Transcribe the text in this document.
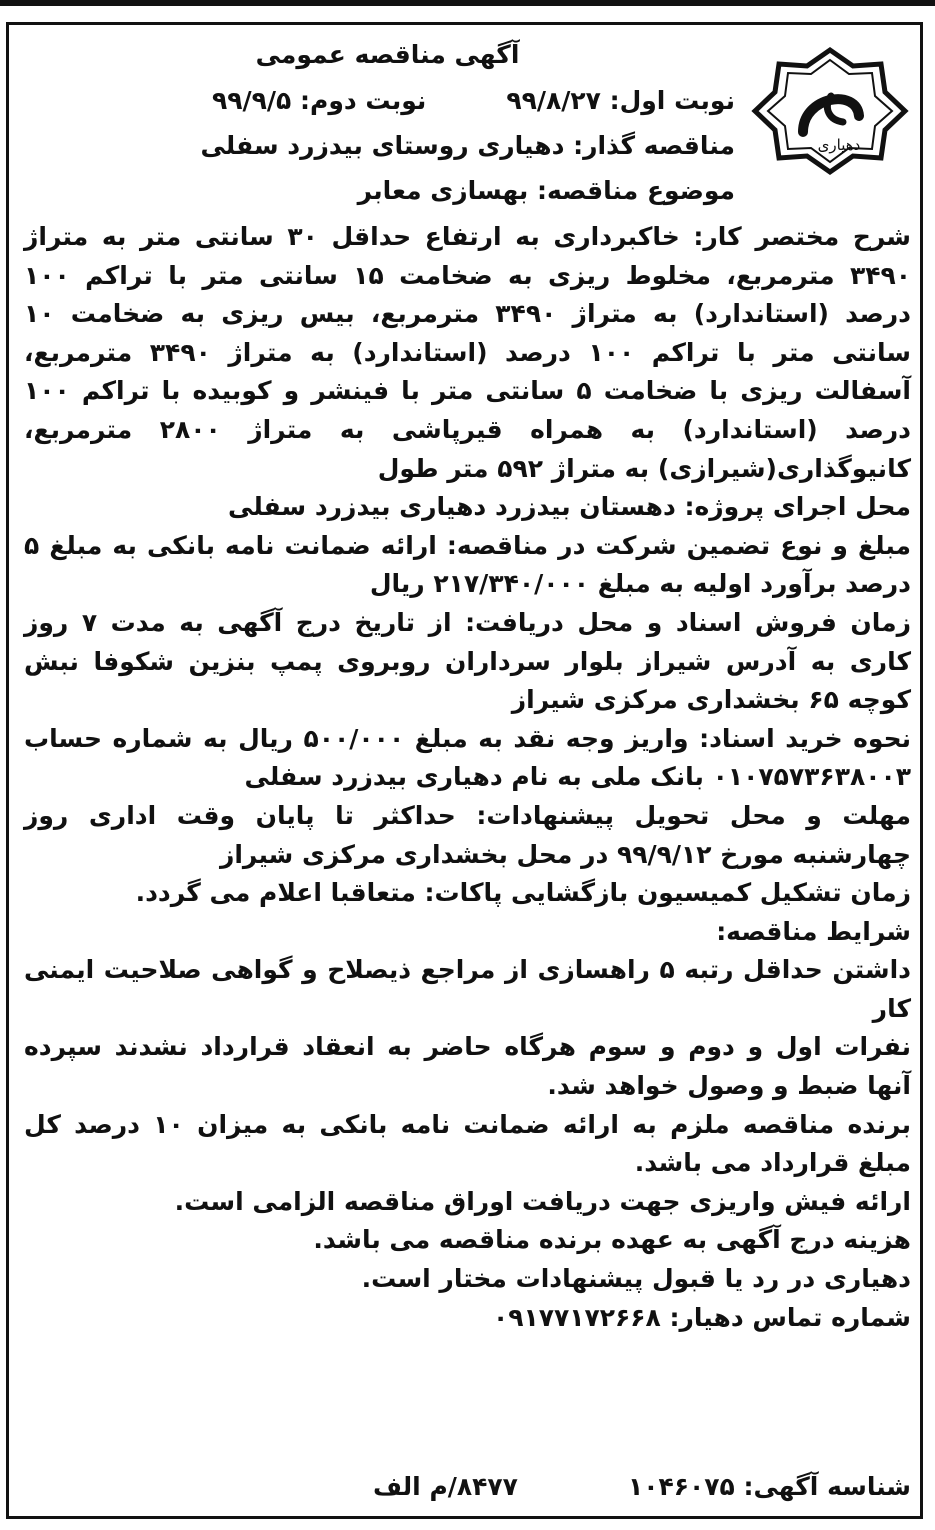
دهیاری
آگهی مناقصه عمومی
نوبت اول: ۹۹/۸/۲۷نوبت دوم: ۹۹/۹/۵
مناقصه گذار: دهیاری روستای بیدزرد سفلی
موضوع مناقصه: بهسازی معابر

شرح مختصر کار: خاکبرداری به ارتفاع حداقل ۳۰ سانتی متر به متراژ ۳۴۹۰ مترمربع، مخلوط ریزی به ضخامت ۱۵ سانتی متر با تراکم ۱۰۰ درصد (استاندارد) به متراژ ۳۴۹۰ مترمربع، بیس ریزی به ضخامت ۱۰ سانتی متر با تراکم ۱۰۰ درصد (استاندارد) به متراژ ۳۴۹۰ مترمربع، آسفالت ریزی با ضخامت ۵ سانتی متر با فینشر و کوبیده با تراکم ۱۰۰ درصد (استاندارد) به همراه قیرپاشی به متراژ ۲۸۰۰ مترمربع، کانیوگذاری(شیرازی) به متراژ ۵۹۲ متر طول

محل اجرای پروژه: دهستان بیدزرد دهیاری بیدزرد سفلی

مبلغ و نوع تضمین شرکت در مناقصه: ارائه ضمانت نامه بانکی به مبلغ ۵ درصد برآورد اولیه به مبلغ ۲۱۷/۳۴۰/۰۰۰ ریال

زمان فروش اسناد و محل دریافت: از تاریخ درج آگهی به مدت ۷ روز کاری به آدرس شیراز بلوار سرداران روبروی پمپ بنزین شکوفا نبش کوچه ۶۵ بخشداری مرکزی شیراز

نحوه خرید اسناد: واریز وجه نقد به مبلغ ۵۰۰/۰۰۰ ریال به شماره حساب ۰۱۰۷۵۷۳۶۳۸۰۰۳ بانک ملی به نام دهیاری بیدزرد سفلی

مهلت و محل تحویل پیشنهادات: حداکثر تا پایان وقت اداری روز چهارشنبه مورخ ۹۹/۹/۱۲ در محل بخشداری مرکزی شیراز

زمان تشکیل کمیسیون بازگشایی پاکات: متعاقبا اعلام می گردد.

شرایط مناقصه:

داشتن حداقل رتبه ۵ راهسازی از مراجع ذیصلاح و گواهی صلاحیت ایمنی کار

نفرات اول و دوم و سوم هرگاه حاضر به انعقاد قرارداد نشدند سپرده آنها ضبط و وصول خواهد شد.

برنده مناقصه ملزم به ارائه ضمانت نامه بانکی به میزان ۱۰ درصد کل مبلغ قرارداد می باشد.

ارائه فیش واریزی جهت دریافت اوراق مناقصه الزامی است.

هزینه درج آگهی به عهده برنده مناقصه می باشد.

دهیاری در رد یا قبول پیشنهادات مختار است.

شماره تماس دهیار: ۰۹۱۷۷۱۷۲۶۶۸

شناسه آگهی: ۱۰۴۶۰۷۵۸۴۷۷/م الف
